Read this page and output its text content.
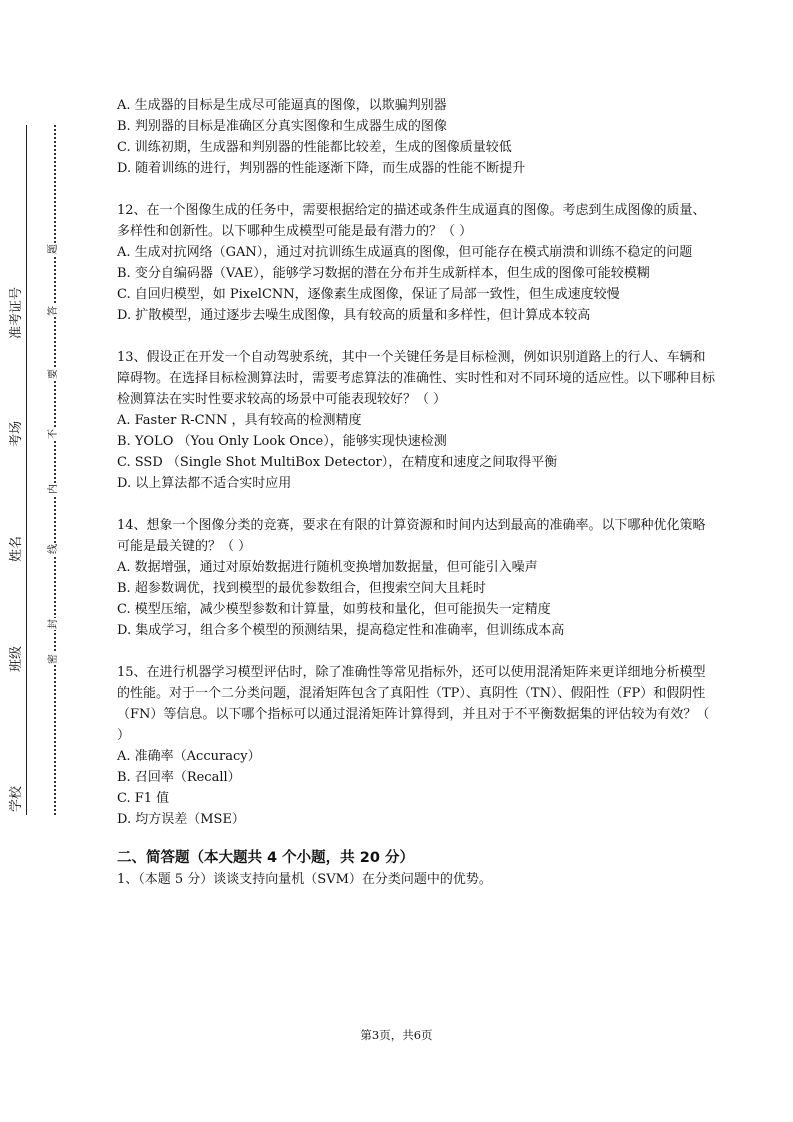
学校
班级
姓名
考场
准考证号
密
封
线
内
不
要
答
题

A. 生成器的目标是生成尽可能逼真的图像，以欺骗判别器

B. 判别器的目标是准确区分真实图像和生成器生成的图像

C. 训练初期，生成器和判别器的性能都比较差，生成的图像质量较低

D. 随着训练的进行，判别器的性能逐渐下降，而生成器的性能不断提升

12、在一个图像生成的任务中，需要根据给定的描述或条件生成逼真的图像。考虑到生成图像的质量、多样性和创新性。以下哪种生成模型可能是最有潜力的？（ ）

A. 生成对抗网络（GAN），通过对抗训练生成逼真的图像，但可能存在模式崩溃和训练不稳定的问题

B. 变分自编码器（VAE），能够学习数据的潜在分布并生成新样本，但生成的图像可能较模糊

C. 自回归模型，如 PixelCNN，逐像素生成图像，保证了局部一致性，但生成速度较慢

D. 扩散模型，通过逐步去噪生成图像，具有较高的质量和多样性，但计算成本较高

13、假设正在开发一个自动驾驶系统，其中一个关键任务是目标检测，例如识别道路上的行人、车辆和障碍物。在选择目标检测算法时，需要考虑算法的准确性、实时性和对不同环境的适应性。以下哪种目标检测算法在实时性要求较高的场景中可能表现较好？（ ）

A. Faster R-CNN ，具有较高的检测精度

B. YOLO （You Only Look Once），能够实现快速检测

C. SSD （Single Shot MultiBox Detector），在精度和速度之间取得平衡

D. 以上算法都不适合实时应用

14、想象一个图像分类的竞赛，要求在有限的计算资源和时间内达到最高的准确率。以下哪种优化策略可能是最关键的？（ ）

A. 数据增强，通过对原始数据进行随机变换增加数据量，但可能引入噪声

B. 超参数调优，找到模型的最优参数组合，但搜索空间大且耗时

C. 模型压缩，减少模型参数和计算量，如剪枝和量化，但可能损失一定精度

D. 集成学习，组合多个模型的预测结果，提高稳定性和准确率，但训练成本高

15、在进行机器学习模型评估时，除了准确性等常见指标外，还可以使用混淆矩阵来更详细地分析模型的性能。对于一个二分类问题，混淆矩阵包含了真阳性（TP）、真阴性（TN）、假阳性（FP）和假阴性（FN）等信息。以下哪个指标可以通过混淆矩阵计算得到，并且对于不平衡数据集的评估较为有效？（ ）

A. 准确率（Accuracy）

B. 召回率（Recall）

C. F1 值

D. 均方误差（MSE）

二、简答题（本大题共 4 个小题，共 20 分）

1、（本题 5 分）谈谈支持向量机（SVM）在分类问题中的优势。

第3页，共6页
